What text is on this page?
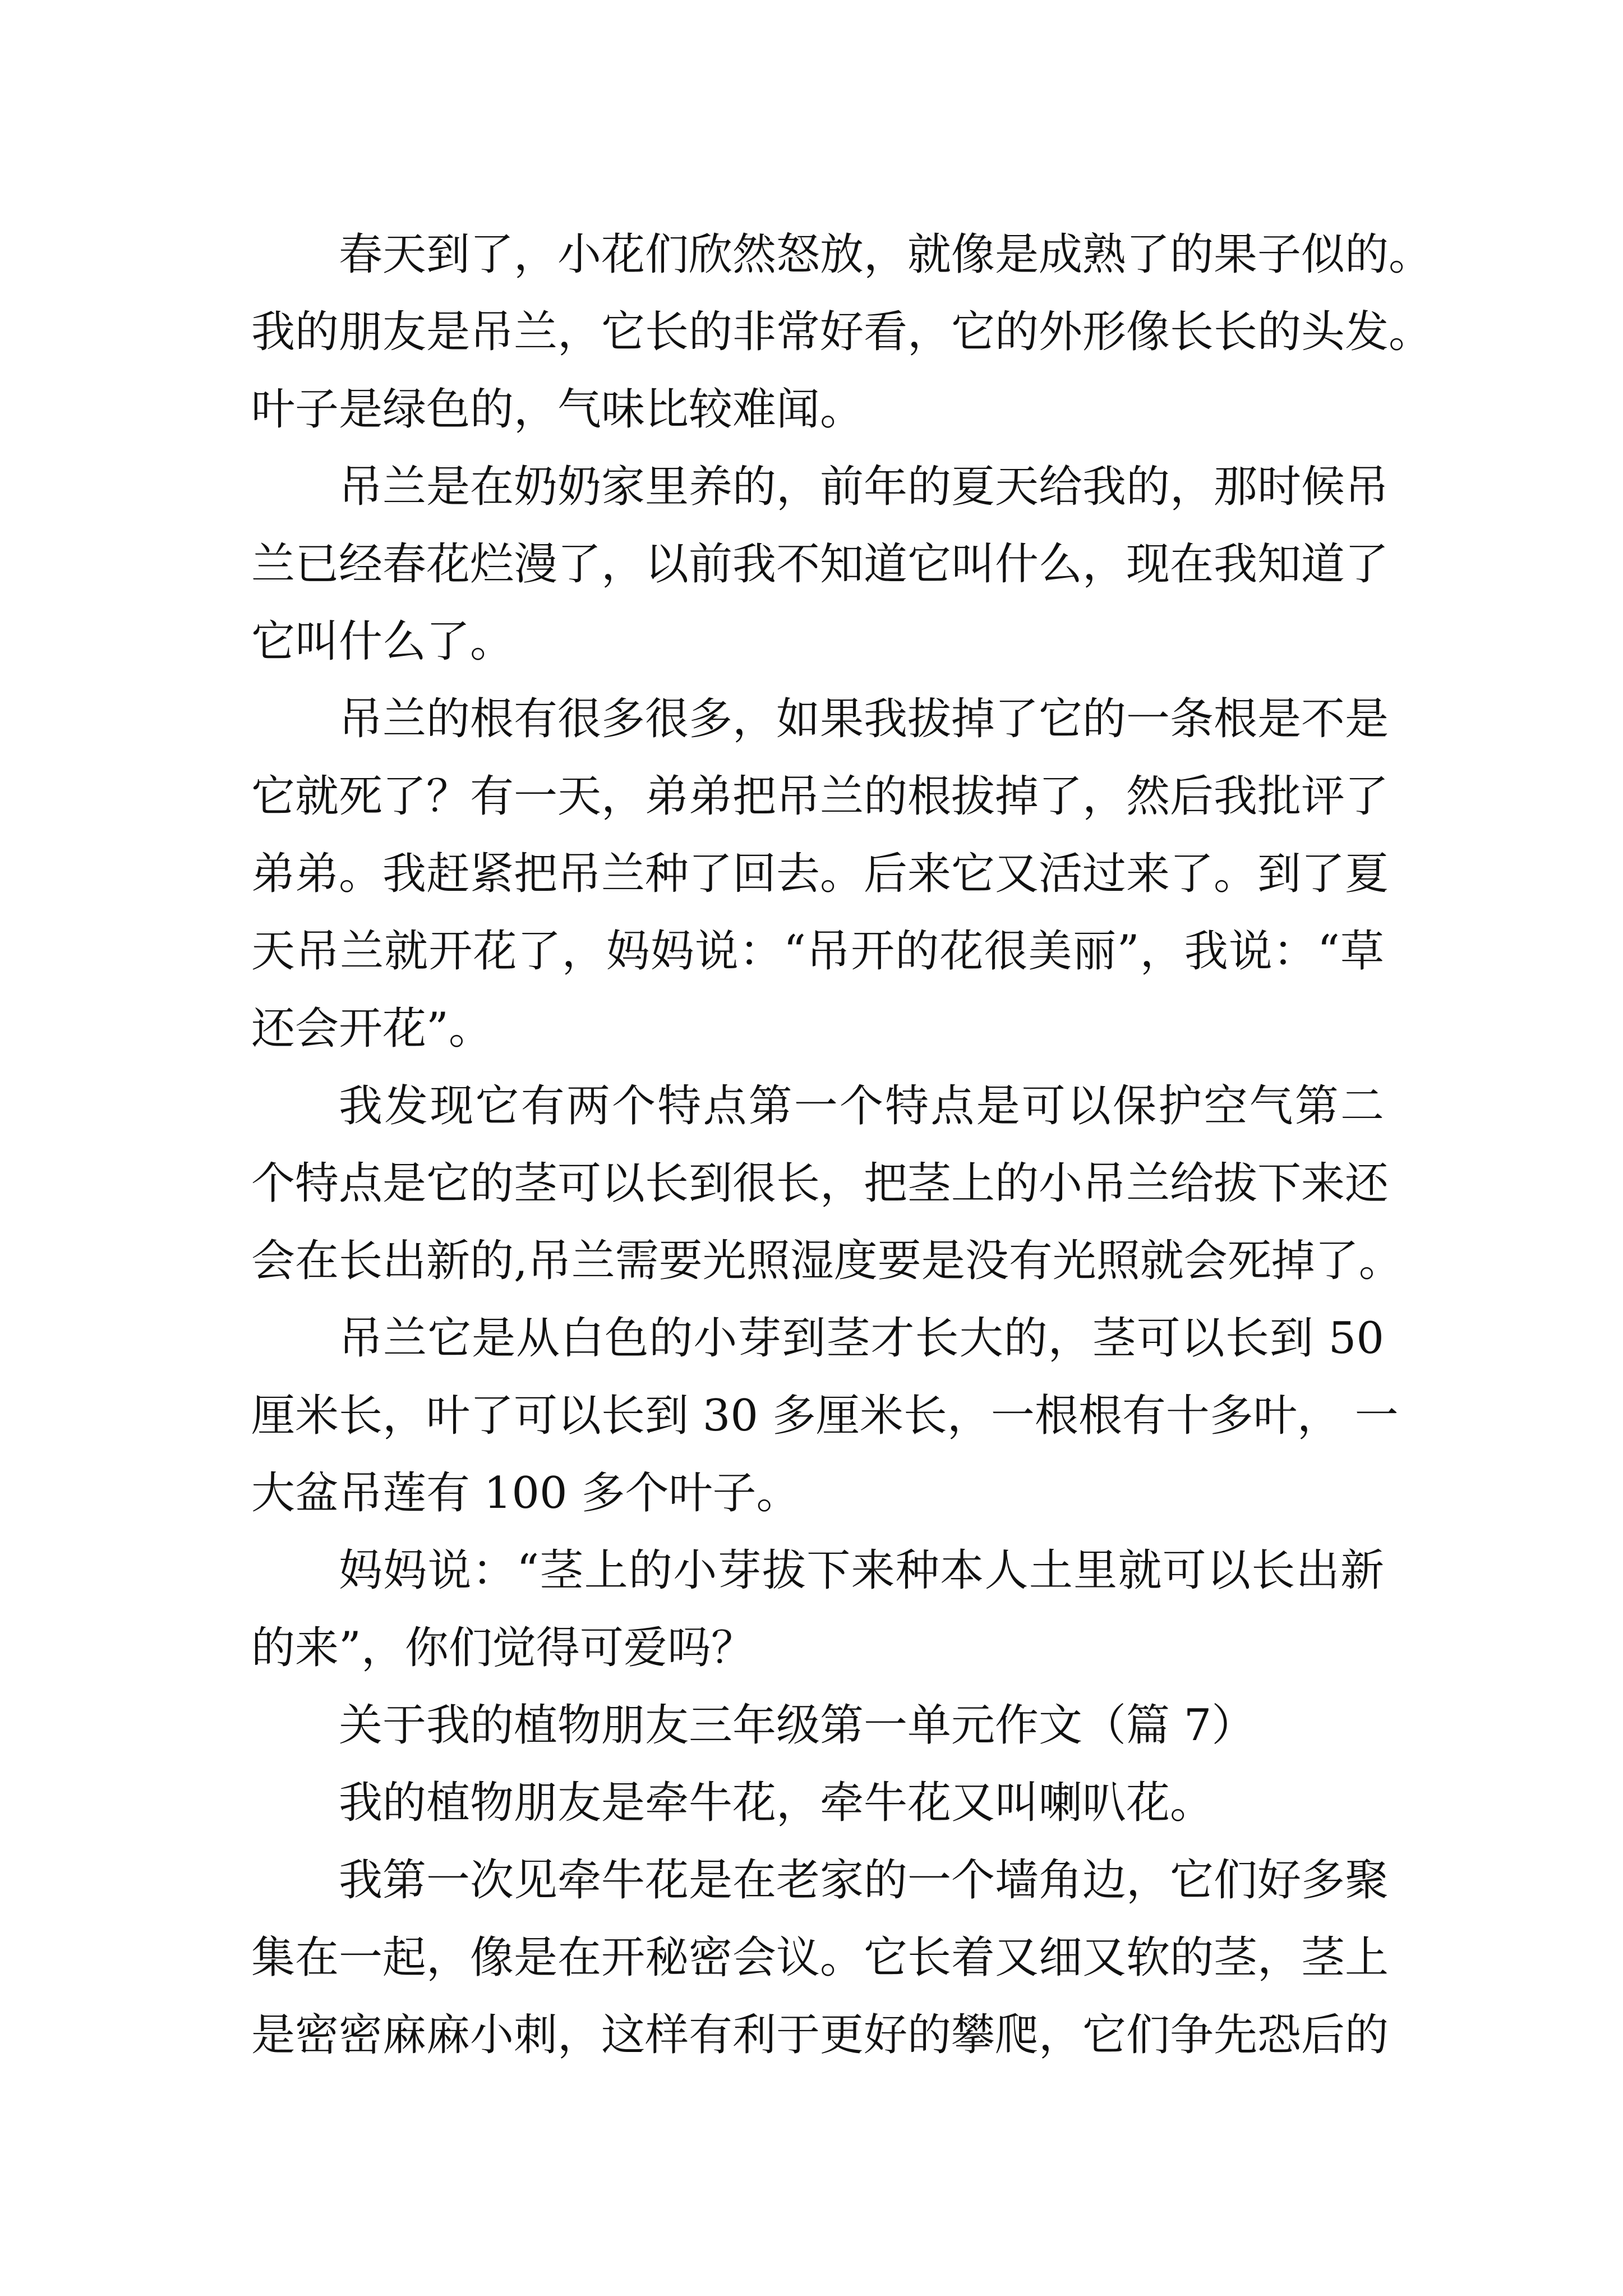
春天到了，小花们欣然怒放，就像是成熟了的果子似的。
我的朋友是吊兰，它长的非常好看，它的外形像长长的头发。
叶子是绿色的，气味比较难闻。
吊兰是在奶奶家里养的，前年的夏天给我的，那时候吊
兰已经春花烂漫了，以前我不知道它叫什么，现在我知道了
它叫什么了。
吊兰的根有很多很多，如果我拔掉了它的一条根是不是
它就死了？有一天，弟弟把吊兰的根拔掉了，然后我批评了
弟弟。我赶紧把吊兰种了回去。后来它又活过来了。到了夏
天吊兰就开花了，妈妈说：“吊开的花很美丽”，我说：“草
还会开花”。
我发现它有两个特点第一个特点是可以保护空气第二
个特点是它的茎可以长到很长，把茎上的小吊兰给拔下来还
会在长出新的,吊兰需要光照湿度要是没有光照就会死掉了。
吊兰它是从白色的小芽到茎才长大的，茎可以长到 50
厘米长，叶了可以长到 30 多厘米长，一根根有十多叶， 一
大盆吊莲有 100 多个叶子。
妈妈说：“茎上的小芽拔下来种本人土里就可以长出新
的来”，你们觉得可爱吗？
关于我的植物朋友三年级第一单元作文（篇 7）
我的植物朋友是牵牛花，牵牛花又叫喇叭花。
我第一次见牵牛花是在老家的一个墙角边，它们好多聚
集在一起，像是在开秘密会议。它长着又细又软的茎，茎上
是密密麻麻小刺，这样有利于更好的攀爬，它们争先恐后的
